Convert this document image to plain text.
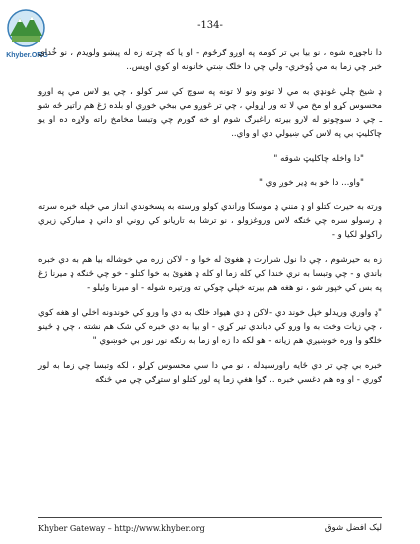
Khyber.ORG
-134-

دا ناجوړه شوه ، نو بيا بي تر کومه په اوږو ګرځوم - او يا که چرته زه له پيښو ولويدم ، نو خُداي خبر چي زما به مي ډُوخري- ولي چي دا خلګ ښتي خانونه او کوي اويس..

ډ شيخ چلي غونډي به مي لا تونو ونو لا تونه په سوچ کي سر کولو ، چي يو لاس مي په اوږو محسوس کړو او مخ مي لا ته ور اړولي ، چي تر غوږو مي ببخي خوږي او بلده ژغ هم راتير ځه شو ـ چي د سوچونو له لارو بيرته راغبرګ شوم او خه ګورم چي وتبسا مخامخ راته ولاړه ده او يو چاکليټ بي په لاس کي ښيولي دي او واي..

"دا واخله چاکليټ شوقه "

"واو... دا خو به ډير خوږ وي "

ورته به حيرت کتلو او ډ منني ډ موسکا وراندي کولو ورسته به پسخوندي انداز مي خپله خبره سرته ډ رسولو سره چي څنګه لاس وروغزولو ، نو ترشا به تاريانو کي روني او داني ډ مبارکي زيري راکولو لکيا و -

زه به حيرشوم ، چي دا نول شرارت ډ هغوئ له خوا و - لاکن زره مي خوشاله بيا هم به دي خبره باندي و - چي وتبسا به نري خندا کي کله زما او کله ډ هغوئ به خوا کتلو - خو چي څنګه ډ ميرنا ژغ په بس کي خپور شو ، نو هغه هم بيرته خپلي چوکي ته ورتيره شوله - او ميرنا وئيلو -

"ډ واوري وريدلو خپل خوند دي -لاکن ډ دي هيواد خلګ به دي وا ورو کي خوندونه اخلي او هغه کوي ، چي زيات وخت به وا ورو کي دباندي تير کړي - او بيا به دي خبره کي شک هم نشته ، چي ډ څينو خلګو وا وره خوښيږي هم زيانه - هو لکه دا زه او زما به رنګه نور نور بي خوښوي "

خبره بي چي تر دي ځايه راورسيدله ، نو مي دا سي محسوس کړلو ، لکه وتبسا چي زما به لور ګوري - او وه هم دغسي خبره .. ګوا هغې زما په لور کتلو او ستړګي چي مي څنګه

Khyber Gateway – http://www.khyber.org	ليک افضل شوق
